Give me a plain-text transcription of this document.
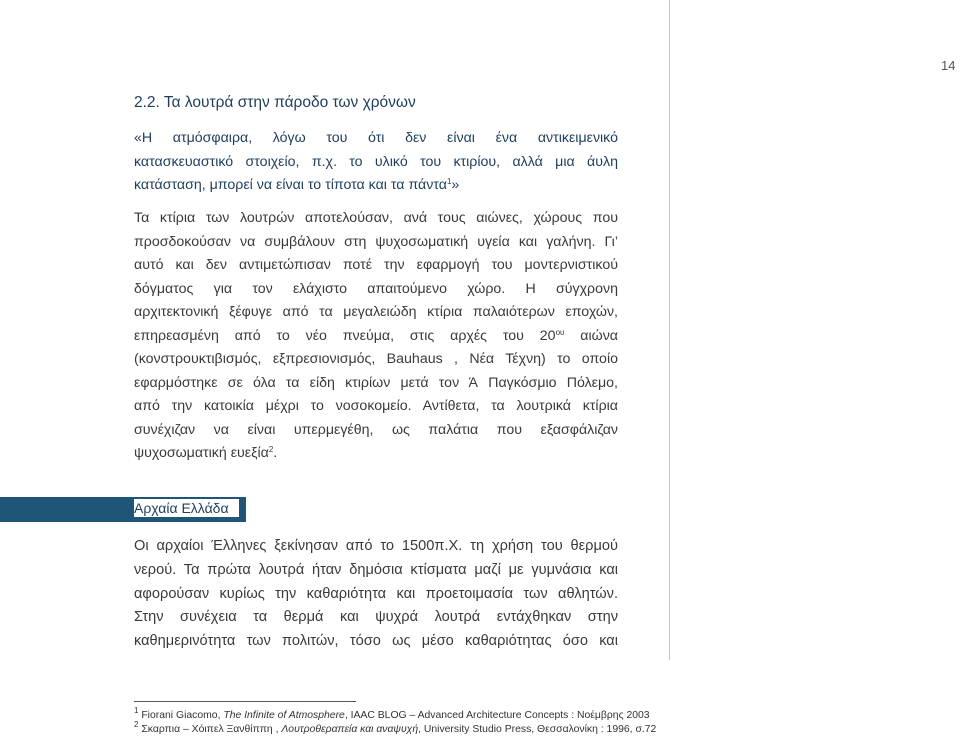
14
2.2. Τα λουτρά στην πάροδο των χρόνων

«Η ατμόσφαιρα, λόγω του ότι δεν είναι ένα αντικειμενικό
κατασκευαστικό στοιχείο, π.χ. το υλικό του κτιρίου, αλλά μια άυλη
κατάσταση, μπορεί να είναι το τίποτα και τα πάντα$^1$»

Τα κτίρια των λουτρών αποτελούσαν, ανά τους αιώνες, χώρους που
προσδοκούσαν να συμβάλουν στη ψυχοσωματική υγεία και γαλήνη. Γι’
αυτό και δεν αντιμετώπισαν ποτέ την εφαρμογή του μοντερνιστικού
δόγματος για τον ελάχιστο απαιτούμενο χώρο. Η σύγχρονη
αρχιτεκτονική ξέφυγε από τα μεγαλειώδη κτίρια παλαιότερων εποχών,
επηρεασμένη από το νέο πνεύμα, στις αρχές του $20^{o\upsilon}$ αιώνα
(κονστρουκτιβισμός, εξπρεσιονισμός, Bauhaus , Νέα Τέχνη) το οποίο
εφαρμόστηκε σε όλα τα είδη κτιρίων μετά τον Ά Παγκόσμιο Πόλεμο,
από την κατοικία μέχρι το νοσοκομείο. Αντίθετα, τα λουτρικά κτίρια
συνέχιζαν να είναι υπερμεγέθη, ως παλάτια που εξασφάλιζαν
ψυχοσωματική ευεξία$^2$.

Αρχαία Ελλάδα

Οι αρχαίοι Έλληνες ξεκίνησαν από το 1500π.Χ. τη χρήση του θερμού
νερού. Τα πρώτα λουτρά ήταν δημόσια κτίσματα μαζί με γυμνάσια και
αφορούσαν κυρίως την καθαριότητα και προετοιμασία των αθλητών.
Στην συνέχεια τα θερμά και ψυχρά λουτρά εντάχθηκαν στην
καθημερινότητα των πολιτών, τόσο ως μέσο καθαριότητας όσο και

$^1$ Fiorani Giacomo, The Infinite of Atmosphere, IAAC BLOG – Advanced Architecture Concepts : Νοέμβρης 2003

$^2$ Σκαρπια – Χόιπελ Ξανθίππη , Λουτροθεραπεία και αναψυχή, University Studio Press, Θεσσαλονίκη : 1996, σ.72
